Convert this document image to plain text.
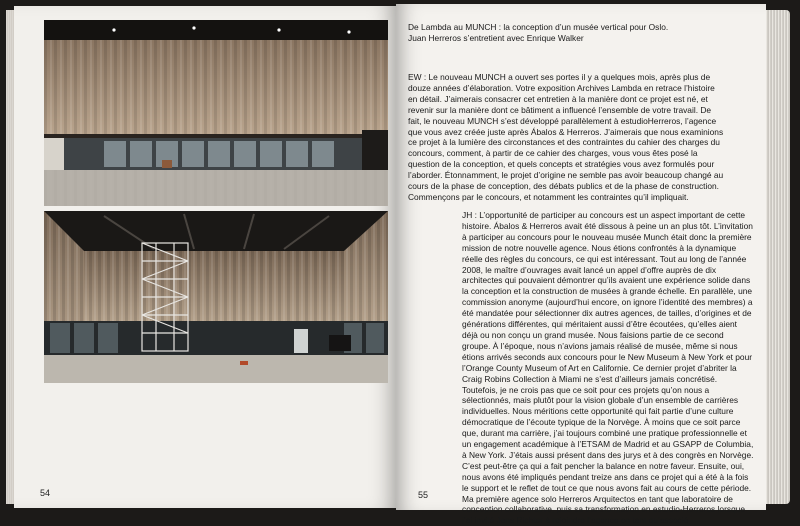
54

De Lambda au MUNCH : la conception d’un musée vertical pour Oslo.

Juan Herreros s’entretient avec Enrique Walker

EW : Le nouveau MUNCH a ouvert ses portes il y a quelques mois, après plus de douze années d’élaboration. Votre exposition Archives Lambda en retrace l’histoire en détail. J’aimerais consacrer cet entretien à la manière dont ce projet est né, et revenir sur la manière dont ce bâtiment a influencé l’ensemble de votre travail. De fait, le nouveau MUNCH s’est développé parallèlement à estudioHerreros, l’agence que vous avez créée juste après Ábalos & Herreros. J’aimerais que nous examinions ce projet à la lumière des circonstances et des contraintes du cahier des charges du concours, comment, à partir de ce cahier des charges, vous vous êtes posé la question de la conception, et quels concepts et stratégies vous avez formulés pour l’aborder. Étonnamment, le projet d’origine ne semble pas avoir beaucoup changé au cours de la phase de conception, des débats publics et de la phase de construction. Commençons par le concours, et notamment les contraintes qu’il impliquait.

JH : L’opportunité de participer au concours est un aspect important de cette histoire. Ábalos & Herreros avait été dissous à peine un an plus tôt. L’invitation à participer au concours pour le nouveau musée Munch était donc la première mission de notre nouvelle agence. Nous étions confrontés à la dynamique réelle des règles du concours, ce qui est intéressant. Tout au long de l’année 2008, le maître d’ouvrages avait lancé un appel d’offre auprès de dix architectes qui pouvaient démontrer qu’ils avaient une expérience solide dans la conception et la construction de musées à grande échelle. En parallèle, une commission anonyme (aujourd’hui encore, on ignore l’identité des membres) a été mandatée pour sélectionner dix autres agences, de tailles, d’origines et de générations différentes, qui méritaient aussi d’être écoutées, qu’elles aient déjà ou non conçu un grand musée. Nous faisions partie de ce second groupe. À l’époque, nous n’avions jamais réalisé de musée, même si nous étions arrivés seconds aux concours pour le New Museum à New York et pour l’Orange County Museum of Art en Californie. Ce dernier projet d’abriter la Craig Robins Collection à Miami ne s’est d’ailleurs jamais concrétisé. Toutefois, je ne crois pas que ce soit pour ces projets qu’on nous a sélectionnés, mais plutôt pour la vision globale d’un ensemble de carrières individuelles. Nous méritions cette opportunité qui fait partie d’une culture démocratique de l’écoute typique de la Norvège. À moins que ce soit parce que, durant ma carrière, j’ai toujours combiné une pratique professionnelle et un engagement académique à l’ETSAM de Madrid et au GSAPP de Columbia, à New York. J’étais aussi présent dans des jurys et à des congrès en Norvège. C’est peut-être ça qui a fait pencher la balance en notre faveur. Ensuite, oui, nous avons été impliqués pendant treize ans dans ce projet qui a été à la fois le support et le reflet de tout ce que nous avons fait au cours de cette période. Ma première agence solo Herreros Arquitectos en tant que laboratoire de conception collaborative, puis sa transformation en estudio-Herreros lorsque j’ai invité Jens Richter à rejoindre l’agence en tant qu’associé

55
